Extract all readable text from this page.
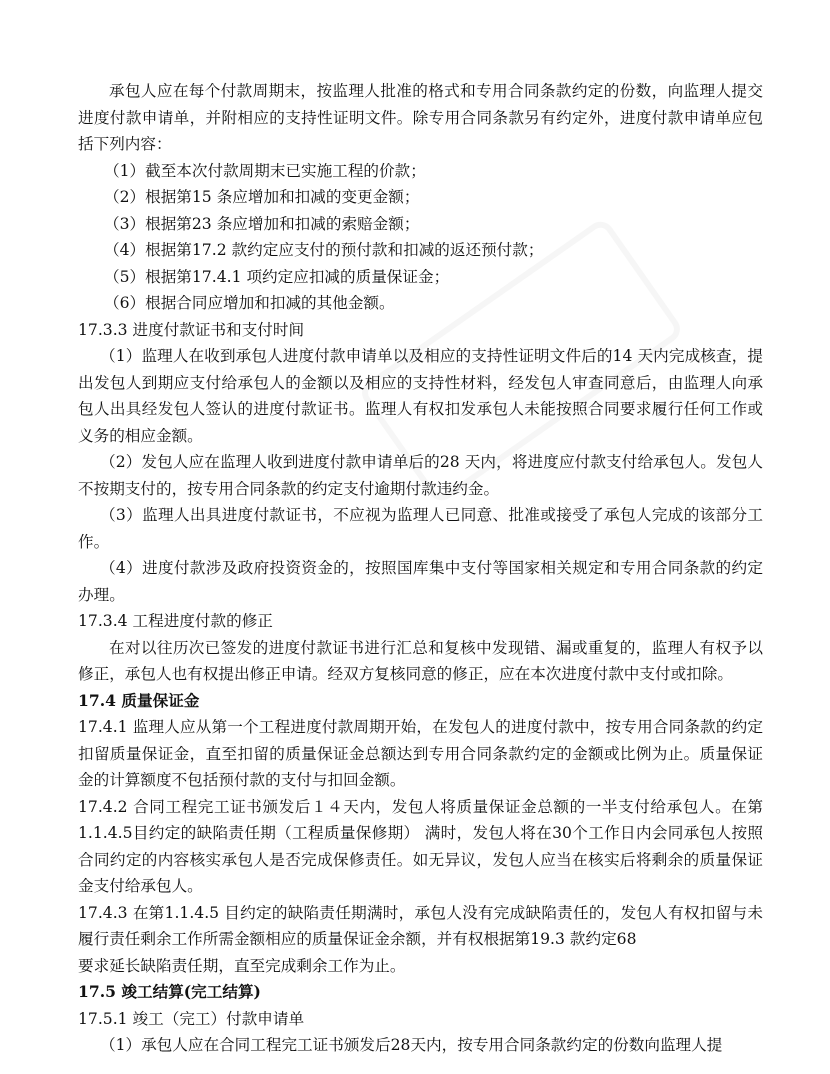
承包人应在每个付款周期末，按监理人批准的格式和专用合同条款约定的份数，向监理人提交进度付款申请单，并附相应的支持性证明文件。除专用合同条款另有约定外，进度付款申请单应包括下列内容：

（1）截至本次付款周期末已实施工程的价款；

（2）根据第15 条应增加和扣减的变更金额；

（3）根据第23 条应增加和扣减的索赔金额；

（4）根据第17.2 款约定应支付的预付款和扣减的返还预付款；

（5）根据第17.4.1 项约定应扣减的质量保证金；

（6）根据合同应增加和扣减的其他金额。

17.3.3 进度付款证书和支付时间

（1）监理人在收到承包人进度付款申请单以及相应的支持性证明文件后的14 天内完成核查，提出发包人到期应支付给承包人的金额以及相应的支持性材料，经发包人审查同意后，由监理人向承包人出具经发包人签认的进度付款证书。监理人有权扣发承包人未能按照合同要求履行任何工作或义务的相应金额。

（2）发包人应在监理人收到进度付款申请单后的28 天内，将进度应付款支付给承包人。发包人不按期支付的，按专用合同条款的约定支付逾期付款违约金。

（3）监理人出具进度付款证书，不应视为监理人已同意、批准或接受了承包人完成的该部分工作。

（4）进度付款涉及政府投资资金的，按照国库集中支付等国家相关规定和专用合同条款的约定办理。

17.3.4 工程进度付款的修正

在对以往历次已签发的进度付款证书进行汇总和复核中发现错、漏或重复的，监理人有权予以修正，承包人也有权提出修正申请。经双方复核同意的修正，应在本次进度付款中支付或扣除。

17.4 质量保证金

17.4.1 监理人应从第一个工程进度付款周期开始，在发包人的进度付款中，按专用合同条款的约定扣留质量保证金，直至扣留的质量保证金总额达到专用合同条款约定的金额或比例为止。质量保证金的计算额度不包括预付款的支付与扣回金额。

17.4.2 合同工程完工证书颁发后１４天内，发包人将质量保证金总额的一半支付给承包人。在第1.1.4.5目约定的缺陷责任期（工程质量保修期） 满时，发包人将在30个工作日内会同承包人按照合同约定的内容核实承包人是否完成保修责任。如无异议，发包人应当在核实后将剩余的质量保证金支付给承包人。

17.4.3 在第1.1.4.5 目约定的缺陷责任期满时，承包人没有完成缺陷责任的，发包人有权扣留与未履行责任剩余工作所需金额相应的质量保证金余额，并有权根据第19.3 款约定68

要求延长缺陷责任期，直至完成剩余工作为止。

17.5 竣工结算(完工结算)

17.5.1 竣工（完工）付款申请单

（1）承包人应在合同工程完工证书颁发后28天内，按专用合同条款约定的份数向监理人提
